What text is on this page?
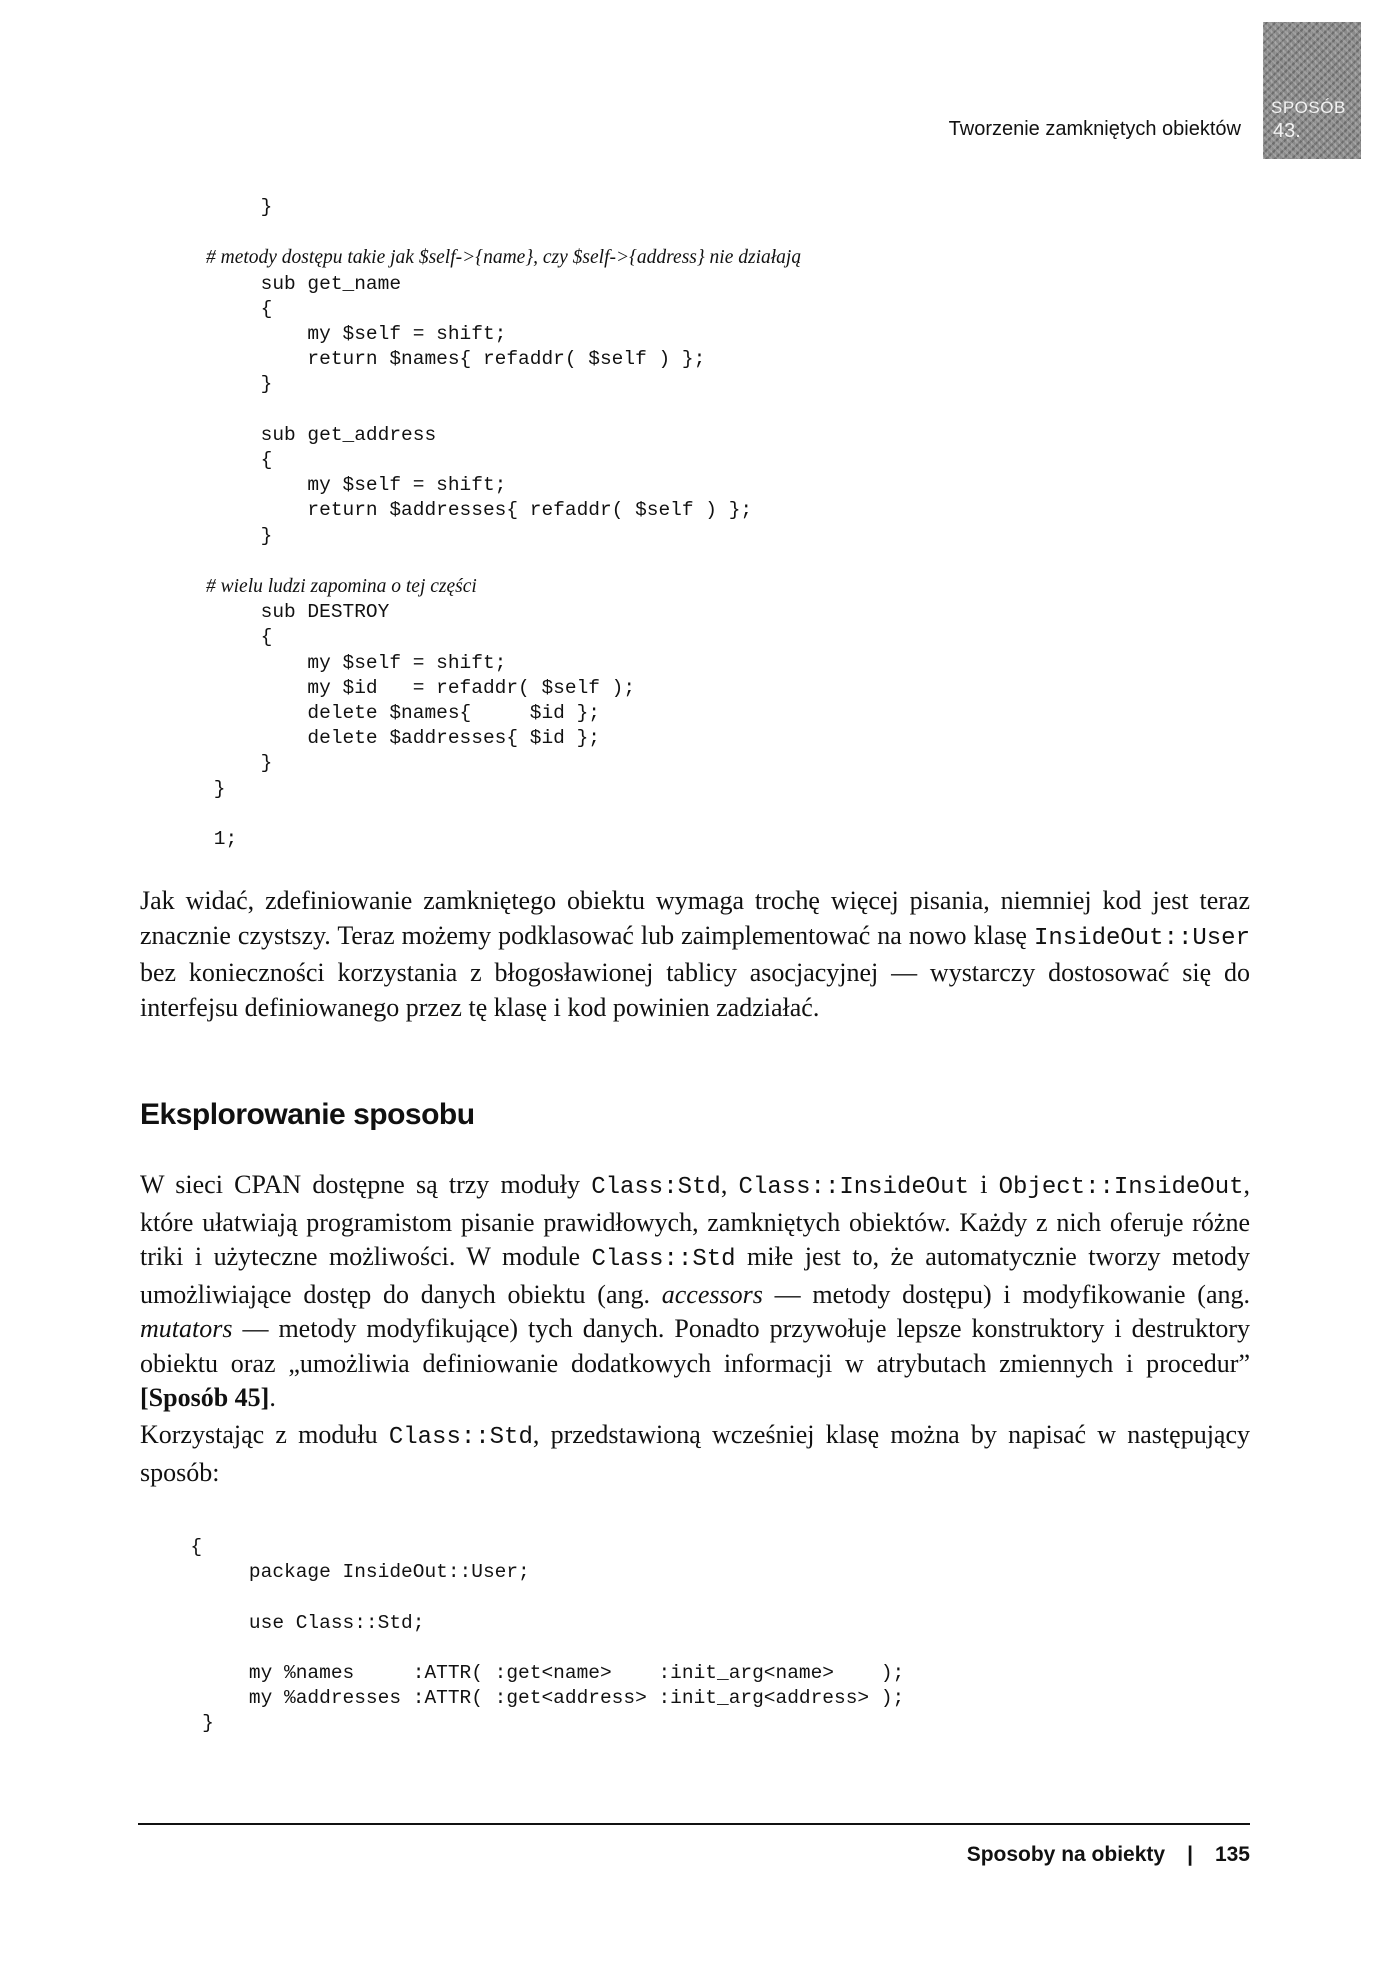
Tworzenie zamkniętych obiektów
SPOSÓB
43.
}

# metody dostępu takie jak $self->{name}, czy $self->{address} nie działają
sub get_name
{
my $self = shift;
return $names{ refaddr( $self ) };
}

sub get_address
{
my $self = shift;
return $addresses{ refaddr( $self ) };
}

# wielu ludzi zapomina o tej części
sub DESTROY
{
my $self = shift;
my $id   = refaddr( $self );
delete $names{     $id };
delete $addresses{ $id };
}
}

1;

Jak widać, zdefiniowanie zamkniętego obiektu wymaga trochę więcej pisania, niemniej kod jest teraz znacznie czystszy. Teraz możemy podklasować lub zaimplementować na nowo klasę InsideOut::User bez konieczności korzystania z błogosławionej tablicy asocjacyjnej — wystarczy dostosować się do interfejsu definiowanego przez tę klasę i kod powinien zadziałać.

Eksplorowanie sposobu

W sieci CPAN dostępne są trzy moduły Class:Std, Class::InsideOut i Object::InsideOut, które ułatwiają programistom pisanie prawidłowych, zamkniętych obiektów. Każdy z nich oferuje różne triki i użyteczne możliwości. W module Class::Std miłe jest to, że automatycznie tworzy metody umożliwiające dostęp do danych obiektu (ang. accessors — metody dostępu) i modyfikowanie (ang. mutators — metody modyfikujące) tych danych. Ponadto przywołuje lepsze konstruktory i destruktory obiektu oraz „umożliwia definiowanie dodatkowych informacji w atrybutach zmiennych i procedur” [Sposób 45].

Korzystając z modułu Class::Std, przedstawioną wcześniej klasę można by napisać w następujący sposób:

{
package InsideOut::User;

use Class::Std;

my %names     :ATTR( :get<name>    :init_arg<name>    );
my %addresses :ATTR( :get<address> :init_arg<address> );
}

Sposoby na obiekty | 135
